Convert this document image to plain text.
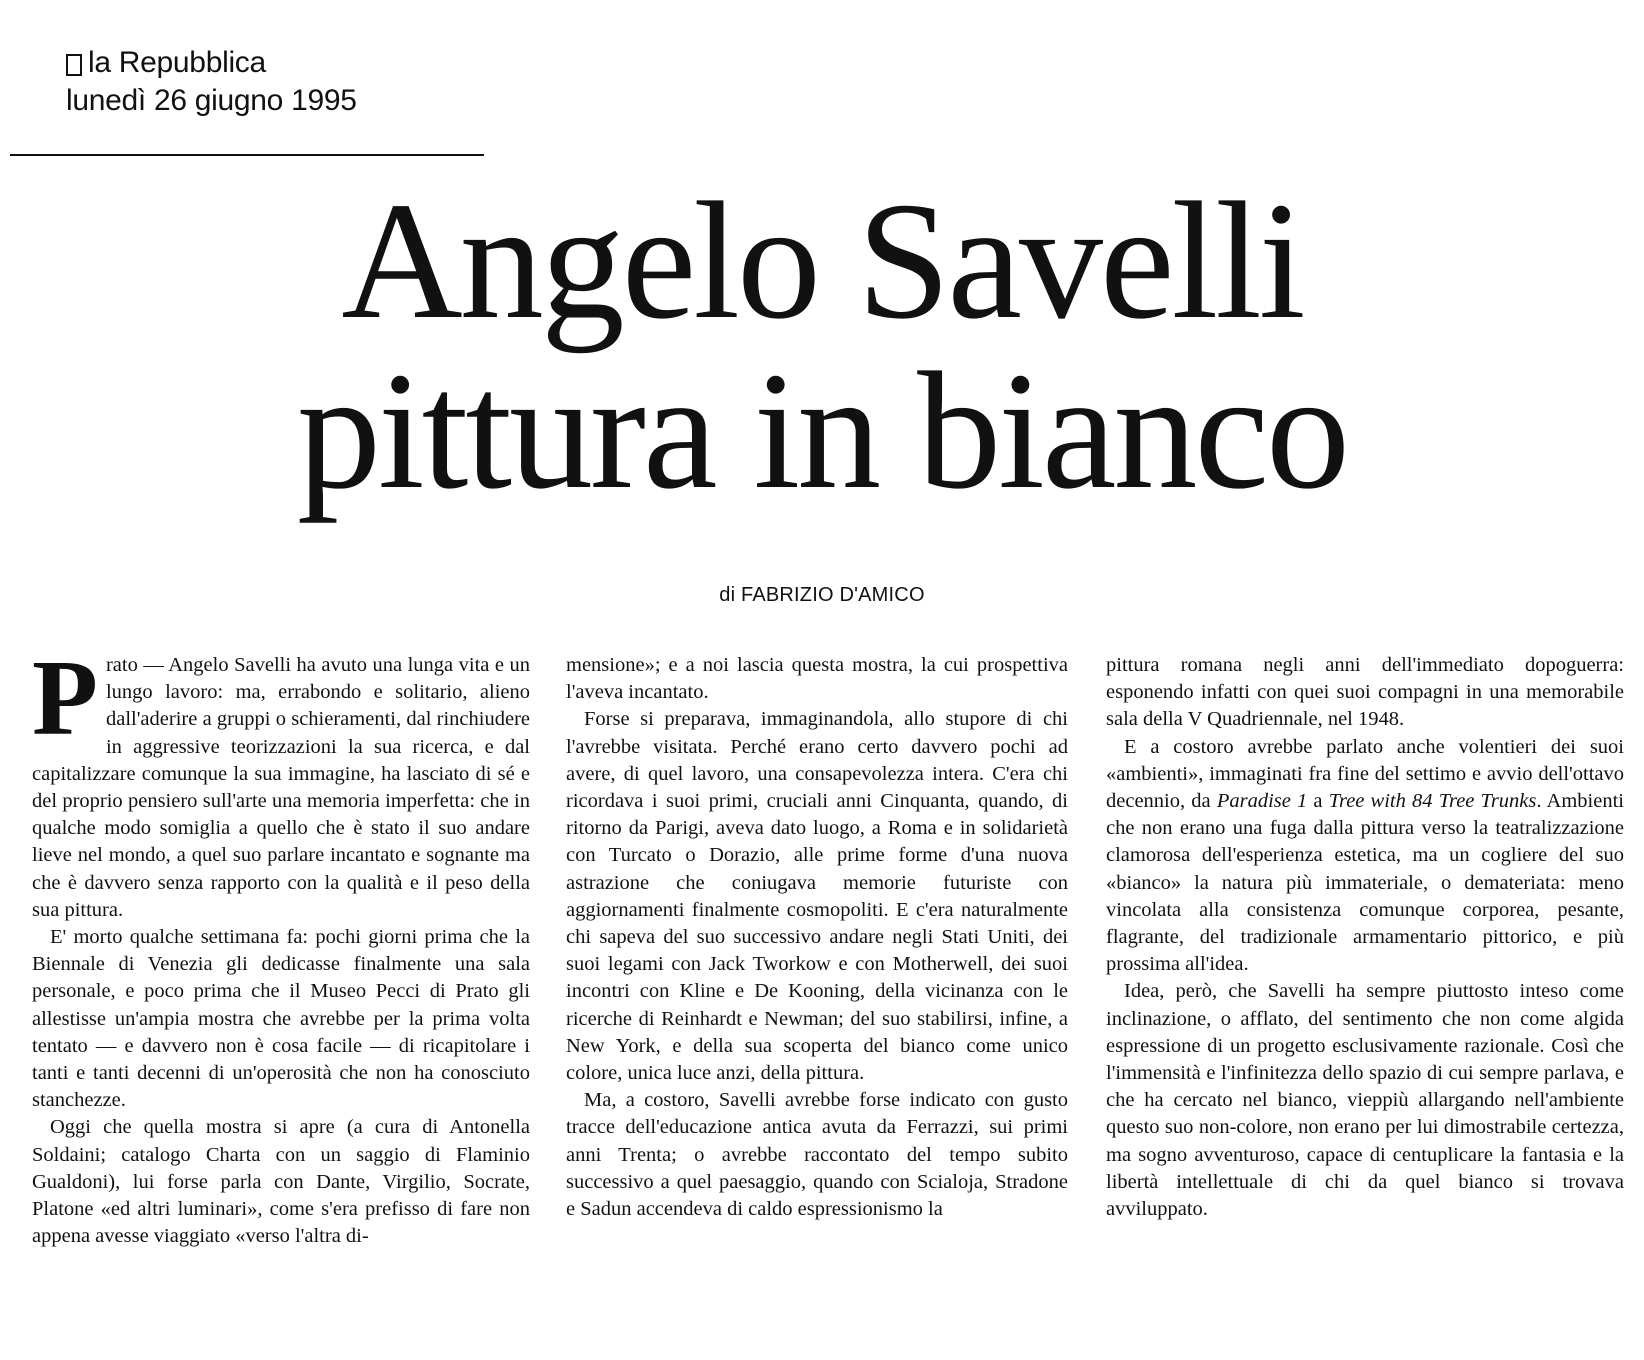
la Repubblica
lunedì 26 giugno 1995
Angelo Savelli
pittura in bianco
di FABRIZIO D'AMICO

Prato — Angelo Savelli ha avuto una lunga vita e un lungo lavoro: ma, errabondo e solitario, alieno dall'aderire a gruppi o schieramenti, dal rinchiudere in aggressive teorizzazioni la sua ricerca, e dal capitalizzare comunque la sua immagine, ha lasciato di sé e del proprio pensiero sull'arte una memoria imperfetta: che in qualche modo somiglia a quello che è stato il suo andare lieve nel mondo, a quel suo parlare incantato e sognante ma che è davvero senza rapporto con la qualità e il peso della sua pittura.

E' morto qualche settimana fa: pochi giorni prima che la Biennale di Venezia gli dedicasse finalmente una sala personale, e poco prima che il Museo Pecci di Prato gli allestisse un'ampia mostra che avrebbe per la prima volta tentato — e davvero non è cosa facile — di ricapitolare i tanti e tanti decenni di un'operosità che non ha conosciuto stanchezze.

Oggi che quella mostra si apre (a cura di Antonella Soldaini; catalogo Charta con un saggio di Flaminio Gualdoni), lui forse parla con Dante, Virgilio, Socrate, Platone «ed altri luminari», come s'era prefisso di fare non appena avesse viaggiato «verso l'altra di-

mensione»; e a noi lascia questa mostra, la cui prospettiva l'aveva incantato.

Forse si preparava, immaginandola, allo stupore di chi l'avrebbe visitata. Perché erano certo davvero pochi ad avere, di quel lavoro, una consapevolezza intera. C'era chi ricordava i suoi primi, cruciali anni Cinquanta, quando, di ritorno da Parigi, aveva dato luogo, a Roma e in solidarietà con Turcato o Dorazio, alle prime forme d'una nuova astrazione che coniugava memorie futuriste con aggiornamenti finalmente cosmopoliti. E c'era naturalmente chi sapeva del suo successivo andare negli Stati Uniti, dei suoi legami con Jack Tworkow e con Motherwell, dei suoi incontri con Kline e De Kooning, della vicinanza con le ricerche di Reinhardt e Newman; del suo stabilirsi, infine, a New York, e della sua scoperta del bianco come unico colore, unica luce anzi, della pittura.

Ma, a costoro, Savelli avrebbe forse indicato con gusto tracce dell'educazione antica avuta da Ferrazzi, sui primi anni Trenta; o avrebbe raccontato del tempo subito successivo a quel paesaggio, quando con Scialoja, Stradone e Sadun accendeva di caldo espressionismo la

pittura romana negli anni dell'immediato dopoguerra: esponendo infatti con quei suoi compagni in una memorabile sala della V Quadriennale, nel 1948.

E a costoro avrebbe parlato anche volentieri dei suoi «ambienti», immaginati fra fine del settimo e avvio dell'ottavo decennio, da Paradise 1 a Tree with 84 Tree Trunks. Ambienti che non erano una fuga dalla pittura verso la teatralizzazione clamorosa dell'esperienza estetica, ma un cogliere del suo «bianco» la natura più immateriale, o demateriata: meno vincolata alla consistenza comunque corporea, pesante, flagrante, del tradizionale armamentario pittorico, e più prossima all'idea.

Idea, però, che Savelli ha sempre piuttosto inteso come inclinazione, o afflato, del sentimento che non come algida espressione di un progetto esclusivamente razionale. Così che l'immensità e l'infinitezza dello spazio di cui sempre parlava, e che ha cercato nel bianco, vieppiù allargando nell'ambiente questo suo non-colore, non erano per lui dimostrabile certezza, ma sogno avventuroso, capace di centuplicare la fantasia e la libertà intellettuale di chi da quel bianco si trovava avviluppato.
